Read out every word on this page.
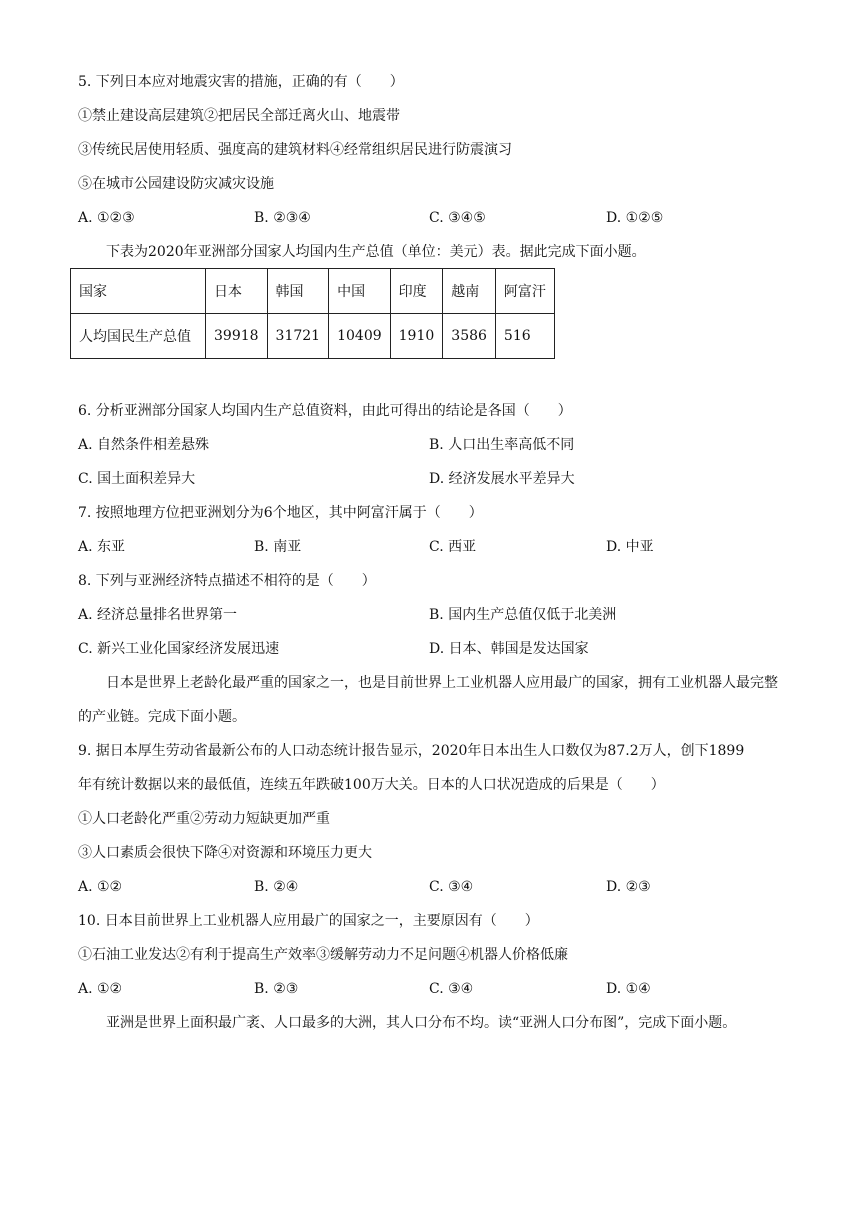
5. 下列日本应对地震灾害的措施，正确的有（　　）
①禁止建设高层建筑②把居民全部迁离火山、地震带
③传统民居使用轻质、强度高的建筑材料④经常组织居民进行防震演习
⑤在城市公园建设防灾减灾设施
A. ①②③	B. ②③④	C. ③④⑤	D. ①②⑤
下表为2020年亚洲部分国家人均国内生产总值（单位：美元）表。据此完成下面小题。
国家	日本	韩国	中国	印度	越南	阿富汗
人均国民生产总值	39918	31721	10409	1910	3586	516
6. 分析亚洲部分国家人均国内生产总值资料，由此可得出的结论是各国（　　）
A. 自然条件相差悬殊	B. 人口出生率高低不同
C. 国土面积差异大	D. 经济发展水平差异大
7. 按照地理方位把亚洲划分为6个地区，其中阿富汗属于（　　）
A. 东亚	B. 南亚	C. 西亚	D. 中亚
8. 下列与亚洲经济特点描述不相符的是（　　）
A. 经济总量排名世界第一	B. 国内生产总值仅低于北美洲
C. 新兴工业化国家经济发展迅速	D. 日本、韩国是发达国家
日本是世界上老龄化最严重的国家之一，也是目前世界上工业机器人应用最广的国家，拥有工业机器人最完整的产业链。完成下面小题。
9. 据日本厚生劳动省最新公布的人口动态统计报告显示，2020年日本出生人口数仅为87.2万人，创下1899
年有统计数据以来的最低值，连续五年跌破100万大关。日本的人口状况造成的后果是（　　）
①人口老龄化严重②劳动力短缺更加严重
③人口素质会很快下降④对资源和环境压力更大
A. ①②	B. ②④	C. ③④	D. ②③
10. 日本目前世界上工业机器人应用最广的国家之一，主要原因有（　　）
①石油工业发达②有利于提高生产效率③缓解劳动力不足问题④机器人价格低廉
A. ①②	B. ②③	C. ③④	D. ①④
亚洲是世界上面积最广袤、人口最多的大洲，其人口分布不均。读“亚洲人口分布图”，完成下面小题。
